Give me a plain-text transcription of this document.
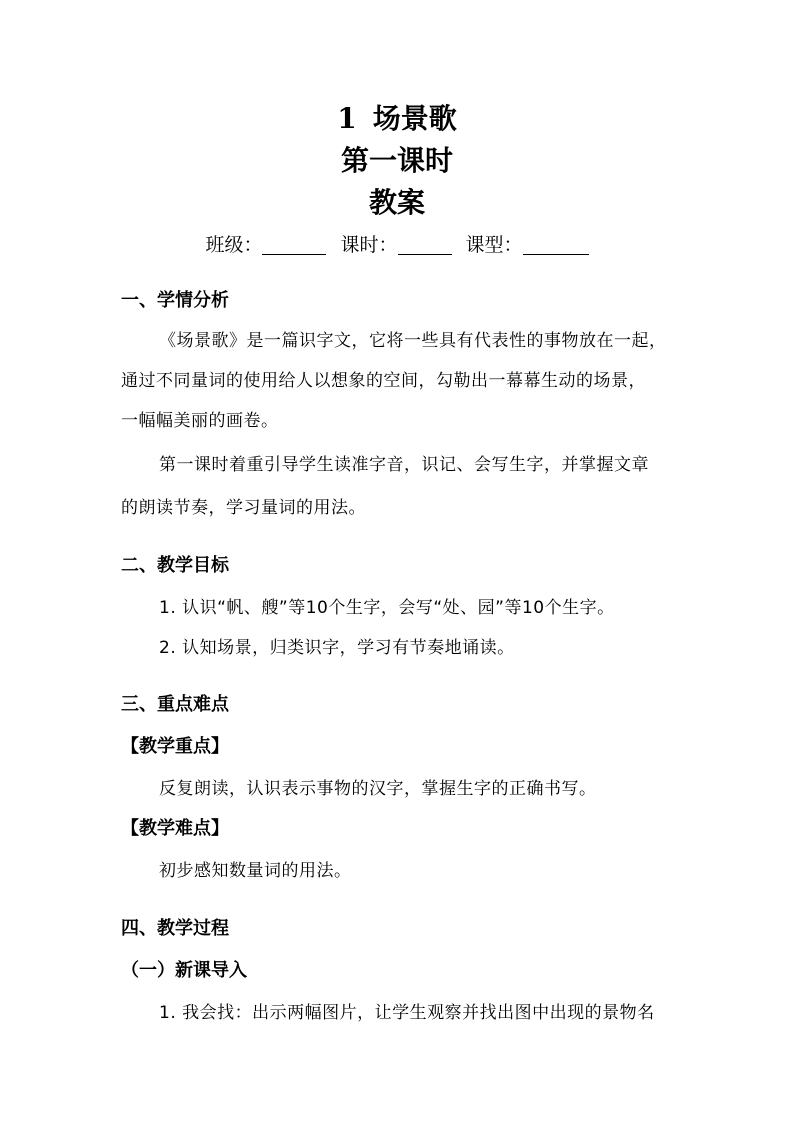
1 场景歌
第一课时
教案
班级：	课时：	课型：
一、学情分析
《场景歌》是一篇识字文，它将一些具有代表性的事物放在一起，
通过不同量词的使用给人以想象的空间，勾勒出一幕幕生动的场景，
一幅幅美丽的画卷。
第一课时着重引导学生读准字音，识记、会写生字，并掌握文章
的朗读节奏，学习量词的用法。
二、教学目标
1. 认识“帆、艘”等10个生字，会写“处、园”等10个生字。
2. 认知场景，归类识字，学习有节奏地诵读。
三、重点难点
【教学重点】
反复朗读，认识表示事物的汉字，掌握生字的正确书写。
【教学难点】
初步感知数量词的用法。
四、教学过程
（一）新课导入
1. 我会找：出示两幅图片，让学生观察并找出图中出现的景物名
